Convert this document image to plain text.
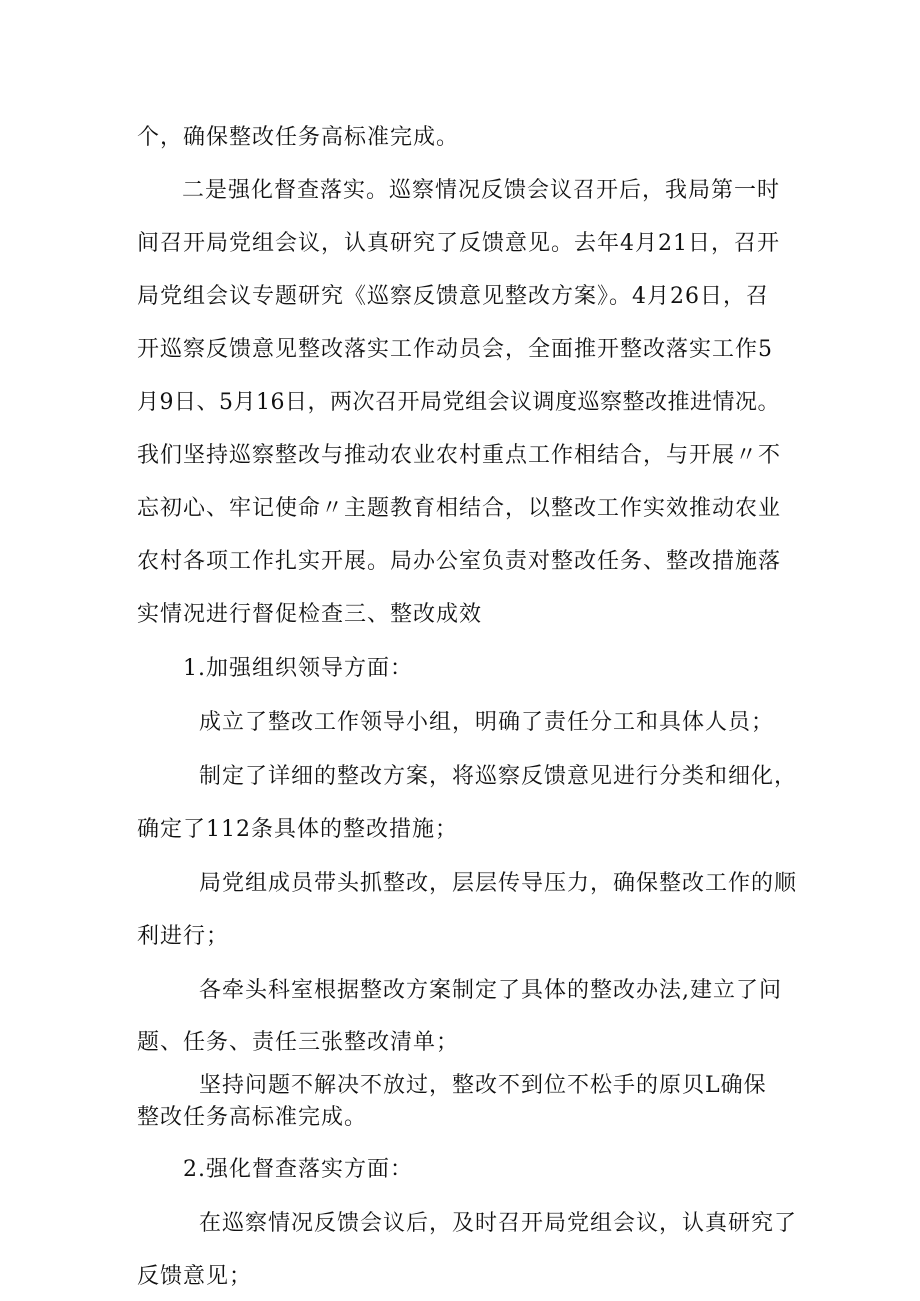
个，确保整改任务高标准完成。
二是强化督查落实。巡察情况反馈会议召开后，我局第一时
间召开局党组会议，认真研究了反馈意见。去年4月21日，召开
局党组会议专题研究《巡察反馈意见整改方案》。4月26日，召
开巡察反馈意见整改落实工作动员会，全面推开整改落实工作5
月9日、5月16日，两次召开局党组会议调度巡察整改推进情况。
我们坚持巡察整改与推动农业农村重点工作相结合，与开展〃不
忘初心、牢记使命〃主题教育相结合，以整改工作实效推动农业
农村各项工作扎实开展。局办公室负责对整改任务、整改措施落
实情况进行督促检查三、整改成效
1.加强组织领导方面：
成立了整改工作领导小组，明确了责任分工和具体人员；
制定了详细的整改方案，将巡察反馈意见进行分类和细化，
确定了112条具体的整改措施；
局党组成员带头抓整改，层层传导压力，确保整改工作的顺
利进行；
各牵头科室根据整改方案制定了具体的整改办法,建立了问
题、任务、责任三张整改清单；
坚持问题不解决不放过，整改不到位不松手的原贝L确保
整改任务高标准完成。
2.强化督查落实方面：
在巡察情况反馈会议后，及时召开局党组会议，认真研究了
反馈意见；
